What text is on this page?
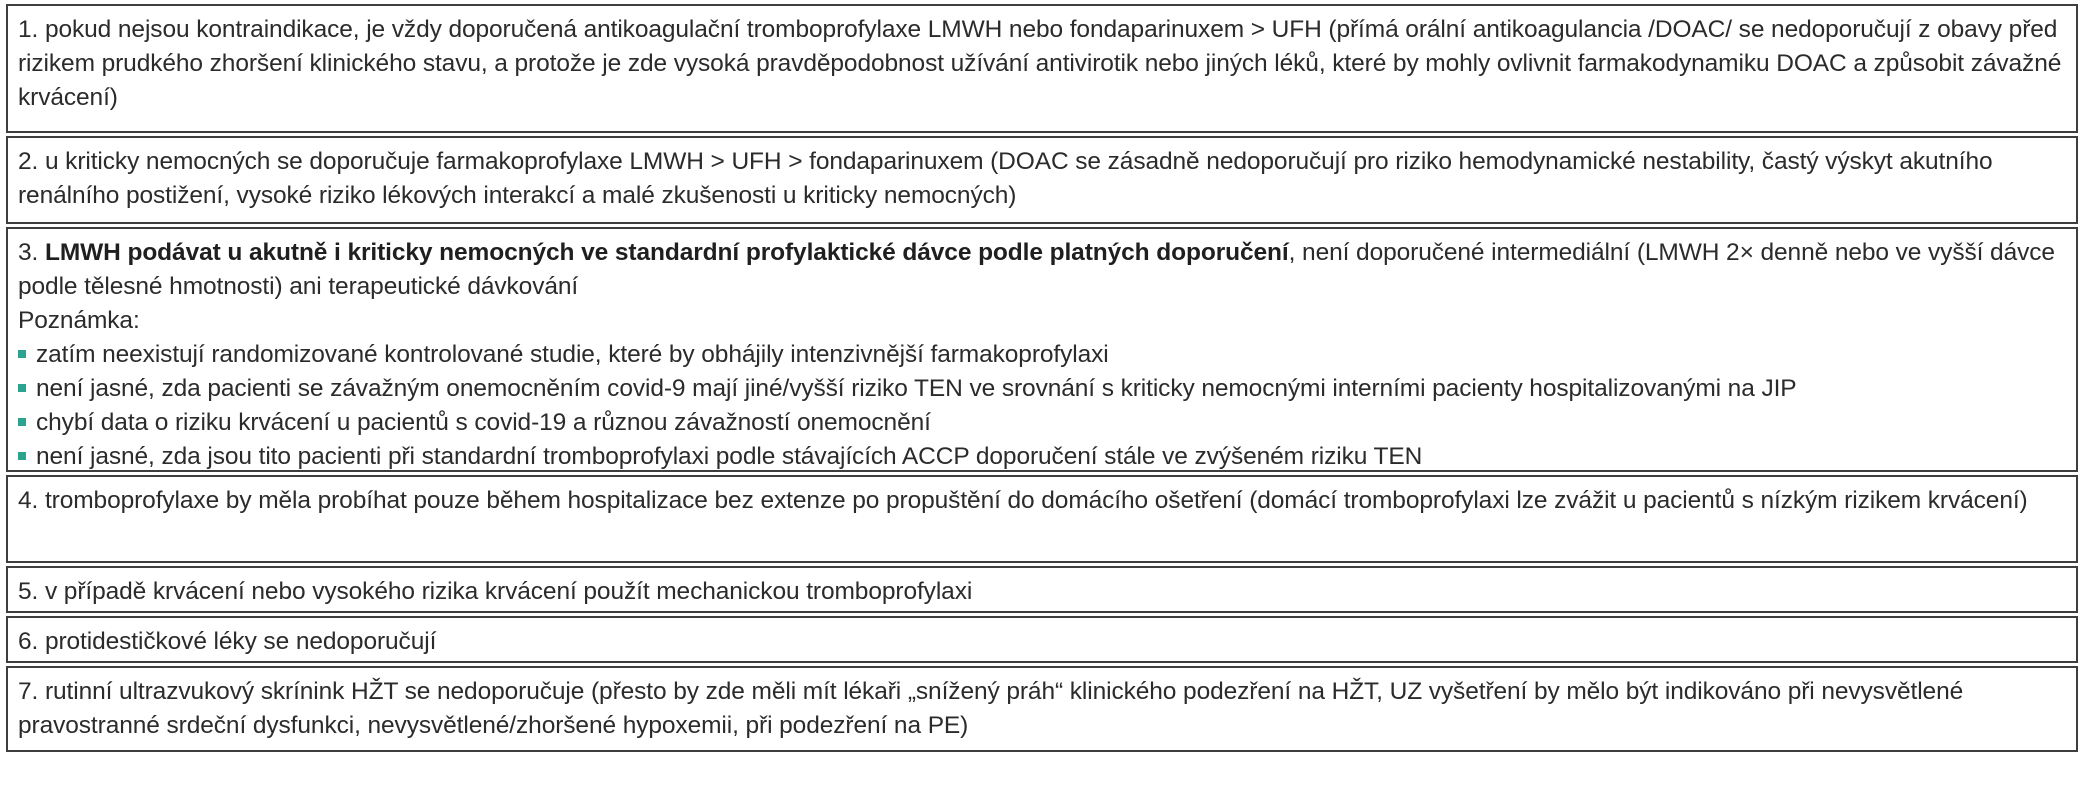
1. pokud nejsou kontraindikace, je vždy doporučená antikoagulační tromboprofylaxe LMWH nebo fondaparinuxem > UFH (přímá orální antikoagulancia /DOAC/ se nedoporučují z obavy před rizikem prudkého zhoršení klinického stavu, a protože je zde vysoká pravděpodobnost užívání antivirotik nebo jiných léků, které by mohly ovlivnit farmakodynamiku DOAC a způsobit závažné krvácení)

2. u kriticky nemocných se doporučuje farmakoprofylaxe LMWH > UFH > fondaparinuxem (DOAC se zásadně nedoporučují pro riziko hemodynamické nestability, častý výskyt akutního renálního postižení, vysoké riziko lékových interakcí a malé zkušenosti u kriticky nemocných)

3. LMWH podávat u akutně i kriticky nemocných ve standardní profylaktické dávce podle platných doporučení, není doporučené intermediální (LMWH 2× denně nebo ve vyšší dávce podle tělesné hmotnosti) ani terapeutické dávkování

Poznámka:

zatím neexistují randomizované kontrolované studie, které by obhájily intenzivnější farmakoprofylaxi
není jasné, zda pacienti se závažným onemocněním covid-9 mají jiné/vyšší riziko TEN ve srovnání s kriticky nemocnými interními pacienty hospitalizovanými na JIP
chybí data o riziku krvácení u pacientů s covid-19 a různou závažností onemocnění
není jasné, zda jsou tito pacienti při standardní tromboprofylaxi podle stávajících ACCP doporučení stále ve zvýšeném riziku TEN

4. tromboprofylaxe by měla probíhat pouze během hospitalizace bez extenze po propuštění do domácího ošetření (domácí tromboprofylaxi lze zvážit u pacientů s nízkým rizikem krvácení)

5. v případě krvácení nebo vysokého rizika krvácení použít mechanickou tromboprofylaxi

6. protidestičkové léky se nedoporučují

7. rutinní ultrazvukový skrínink HŽT se nedoporučuje (přesto by zde měli mít lékaři „snížený práh“ klinického podezření na HŽT, UZ vyšetření by mělo být indikováno při nevysvětlené pravostranné srdeční dysfunkci, nevysvětlené/zhoršené hypoxemii, při podezření na PE)
